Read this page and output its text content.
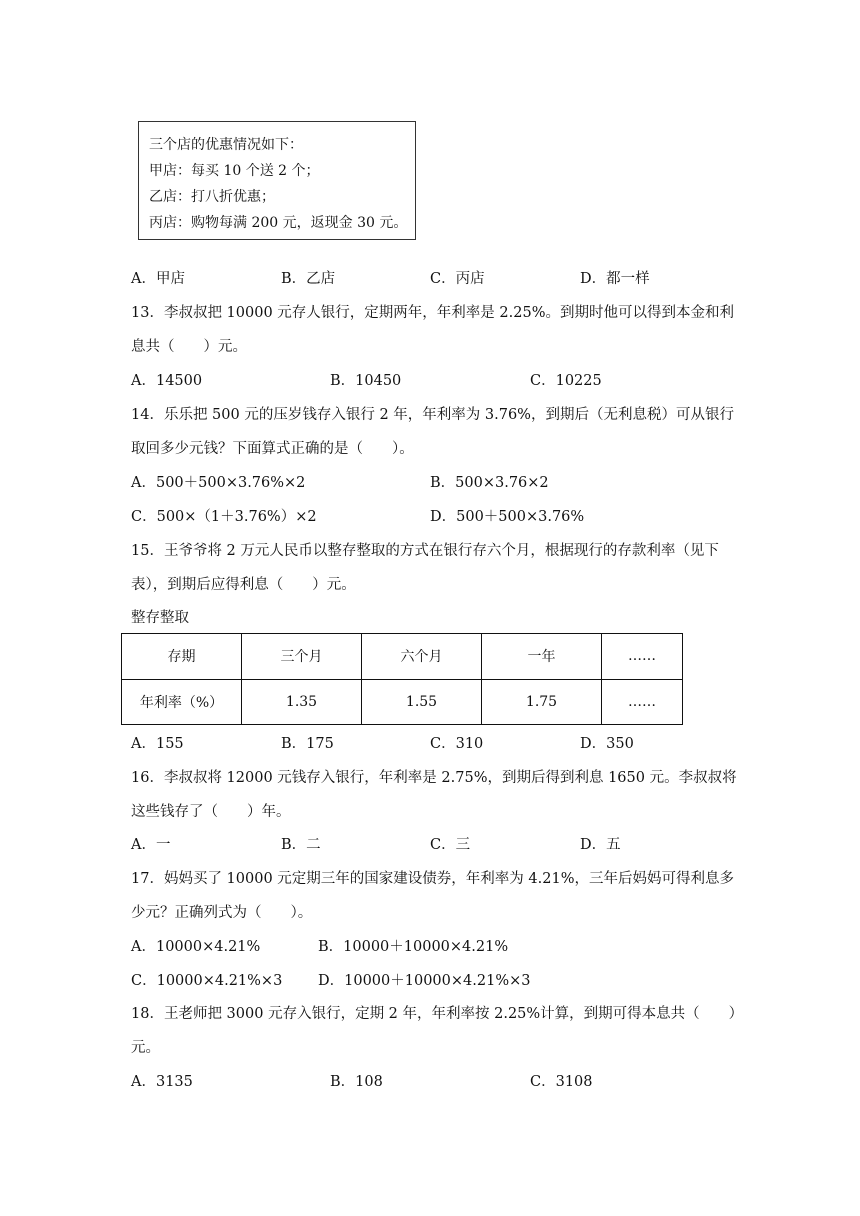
三个店的优惠情况如下：
甲店：每买 10 个送 2 个；
乙店：打八折优惠；
丙店：购物每满 200 元，返现金 30 元。
A．甲店	B．乙店	C．丙店	D．都一样
13．李叔叔把 10000 元存人银行，定期两年，年利率是 2.25%。到期时他可以得到本金和利
息共（　　）元。
A．14500	B．10450	C．10225
14．乐乐把 500 元的压岁钱存入银行 2 年，年利率为 3.76%，到期后（无利息税）可从银行
取回多少元钱？下面算式正确的是（　　）。
A．500＋500×3.76%×2	B．500×3.76×2
C．500×（1＋3.76%）×2	D．500＋500×3.76%
15．王爷爷将 2 万元人民币以整存整取的方式在银行存六个月，根据现行的存款利率（见下
表），到期后应得利息（　　）元。
整存整取
存期	三个月	六个月	一年	……
年利率（%）	1.35	1.55	1.75	……
A．155	B．175	C．310	D．350
16．李叔叔将 12000 元钱存入银行，年利率是 2.75%，到期后得到利息 1650 元。李叔叔将
这些钱存了（　　）年。
A．一	B．二	C．三	D．五
17．妈妈买了 10000 元定期三年的国家建设债券，年利率为 4.21%，三年后妈妈可得利息多
少元？正确列式为（　　）。
A．10000×4.21%	B．10000＋10000×4.21%
C．10000×4.21%×3 D．10000＋10000×4.21%×3
18．王老师把 3000 元存入银行，定期 2 年，年利率按 2.25%计算，到期可得本息共（　　）
元。
A．3135	B．108	C．3108
